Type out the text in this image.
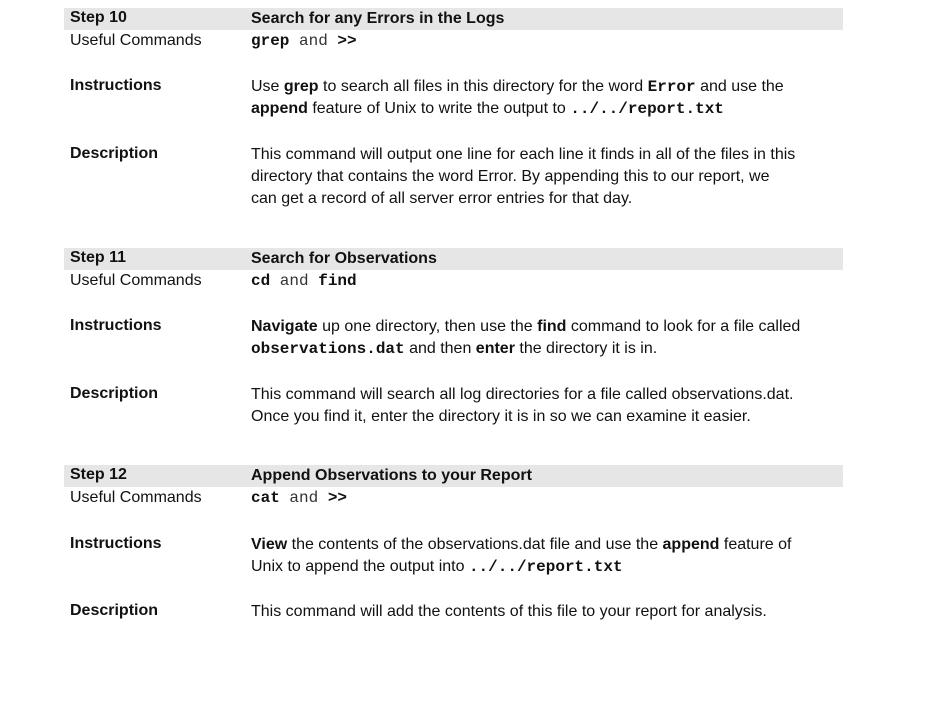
Step 10	Search for any Errors in the Logs
Useful Commands	grep and >>
Instructions	Use grep to search all files in this directory for the word Error and use the
append feature of Unix to write the output to ../../report.txt
Description	This command will output one line for each line it finds in all of the files in this
directory that contains the word Error. By appending this to our report, we
can get a record of all server error entries for that day.
Step 11	Search for Observations
Useful Commands	cd and find
Instructions	Navigate up one directory, then use the find command to look for a file called
observations.dat and then enter the directory it is in.
Description	This command will search all log directories for a file called observations.dat.
Once you find it, enter the directory it is in so we can examine it easier.
Step 12	Append Observations to your Report
Useful Commands	cat and >>
Instructions	View the contents of the observations.dat file and use the append feature of
Unix to append the output into ../../report.txt
Description	This command will add the contents of this file to your report for analysis.
